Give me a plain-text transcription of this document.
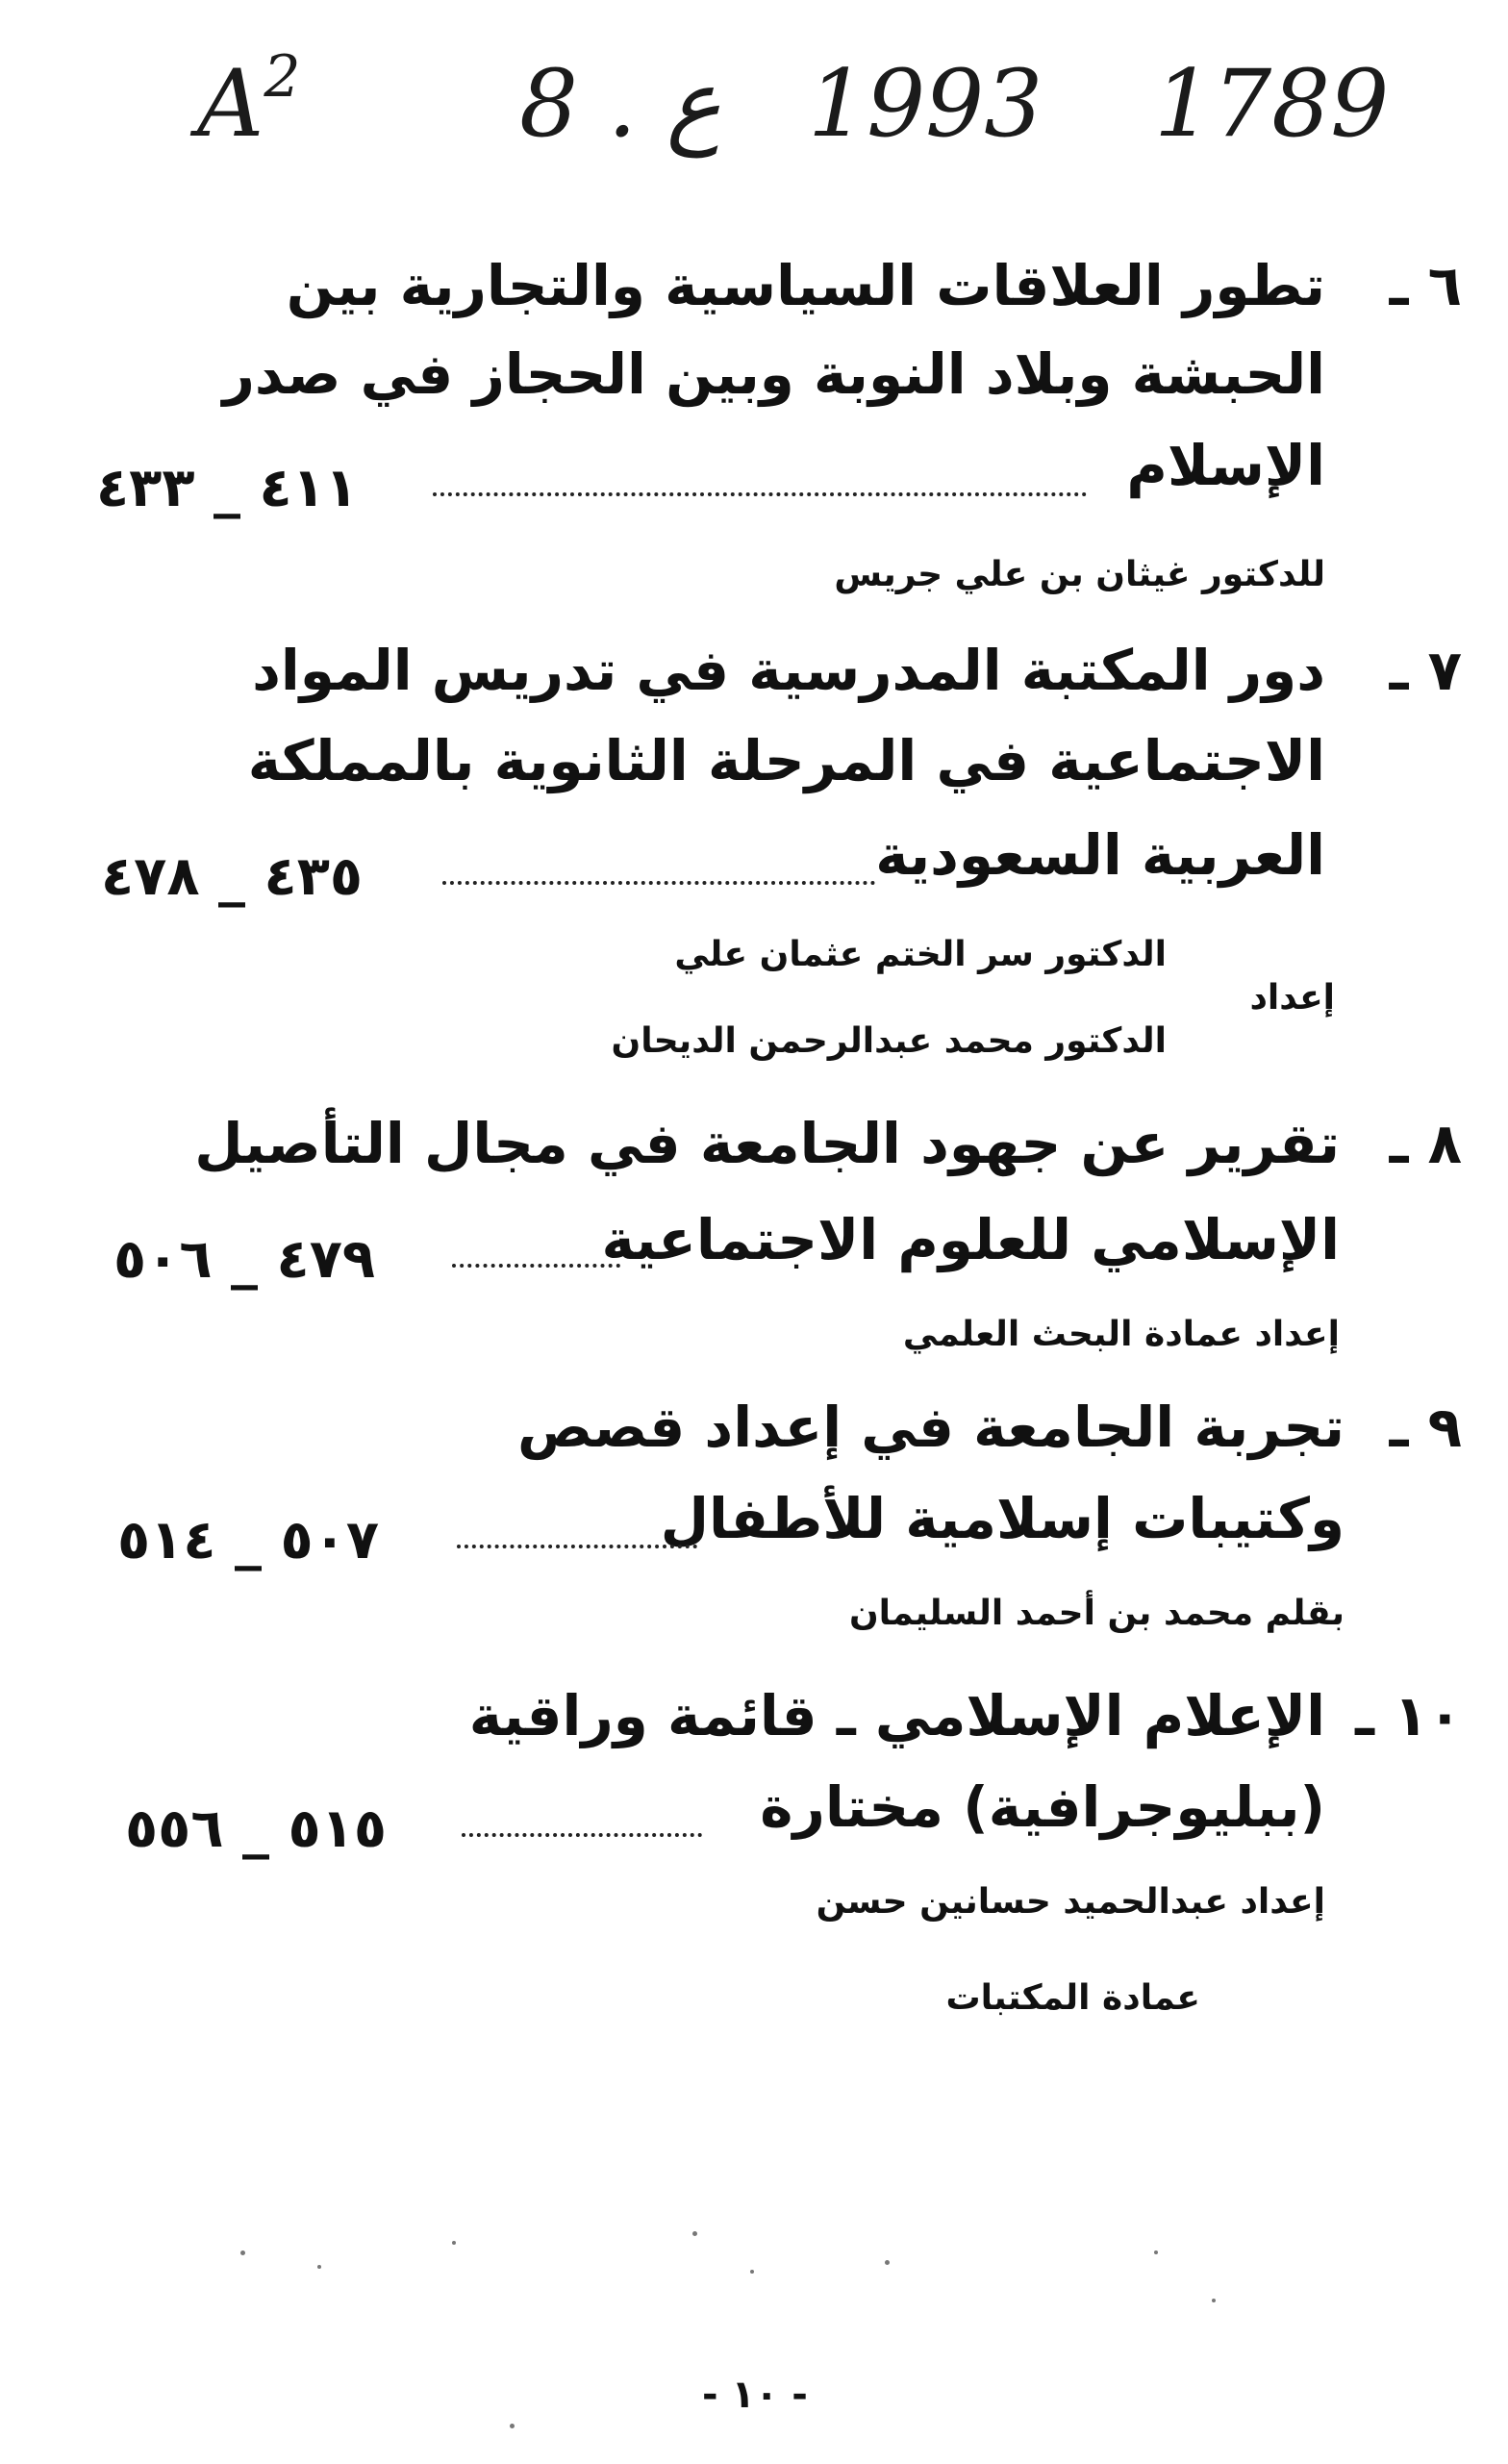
$A^2$ 8 . ع 1993 1789
٦ ـ
تطور العلاقات السياسية والتجارية بين
الحبشة وبلاد النوبة وبين الحجاز في صدر
الإسلام
٤١١ _ ٤٣٣
للدكتور غيثان بن علي جريس
٧ ـ
دور المكتبة المدرسية في تدريس المواد
الاجتماعية في المرحلة الثانوية بالمملكة
العربية السعودية
٤٣٥ _ ٤٧٨
إعداد
الدكتور سر الختم عثمان علي
الدكتور محمد عبدالرحمن الديحان
٨ ـ
تقرير عن جهود الجامعة في مجال التأصيل
الإسلامي للعلوم الاجتماعية
٤٧٩ _ ٥٠٦
إعداد عمادة البحث العلمي
٩ ـ
تجربة الجامعة في إعداد قصص
وكتيبات إسلامية للأطفال
٥٠٧ _ ٥١٤
بقلم محمد بن أحمد السليمان
١٠ ـ
الإعلام الإسلامي ـ قائمة وراقية
(ببليوجرافية) مختارة
٥١٥ _ ٥٥٦
إعداد عبدالحميد حسانين حسن
عمادة المكتبات
- ١٠ -
